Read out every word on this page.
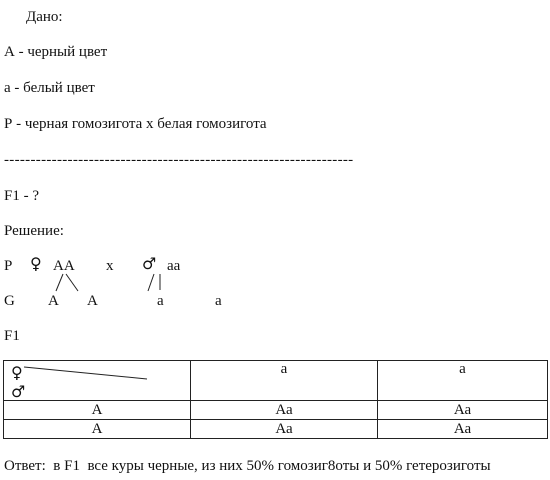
Дано:
А - черный цвет
а - белый цвет
Р - черная гомозигота х белая гомозигота
------------------------------------------------------------------
F1 - ?
Решение:
Р ♀ АА х ♂ аа
G А А	а	а
F1
♀
♂	а	а
А	Аа	Аа
А	Аа	Аа
Ответ:  в F1  все куры черные, из них 50% гомозиг8оты и 50% гетерозиготы
